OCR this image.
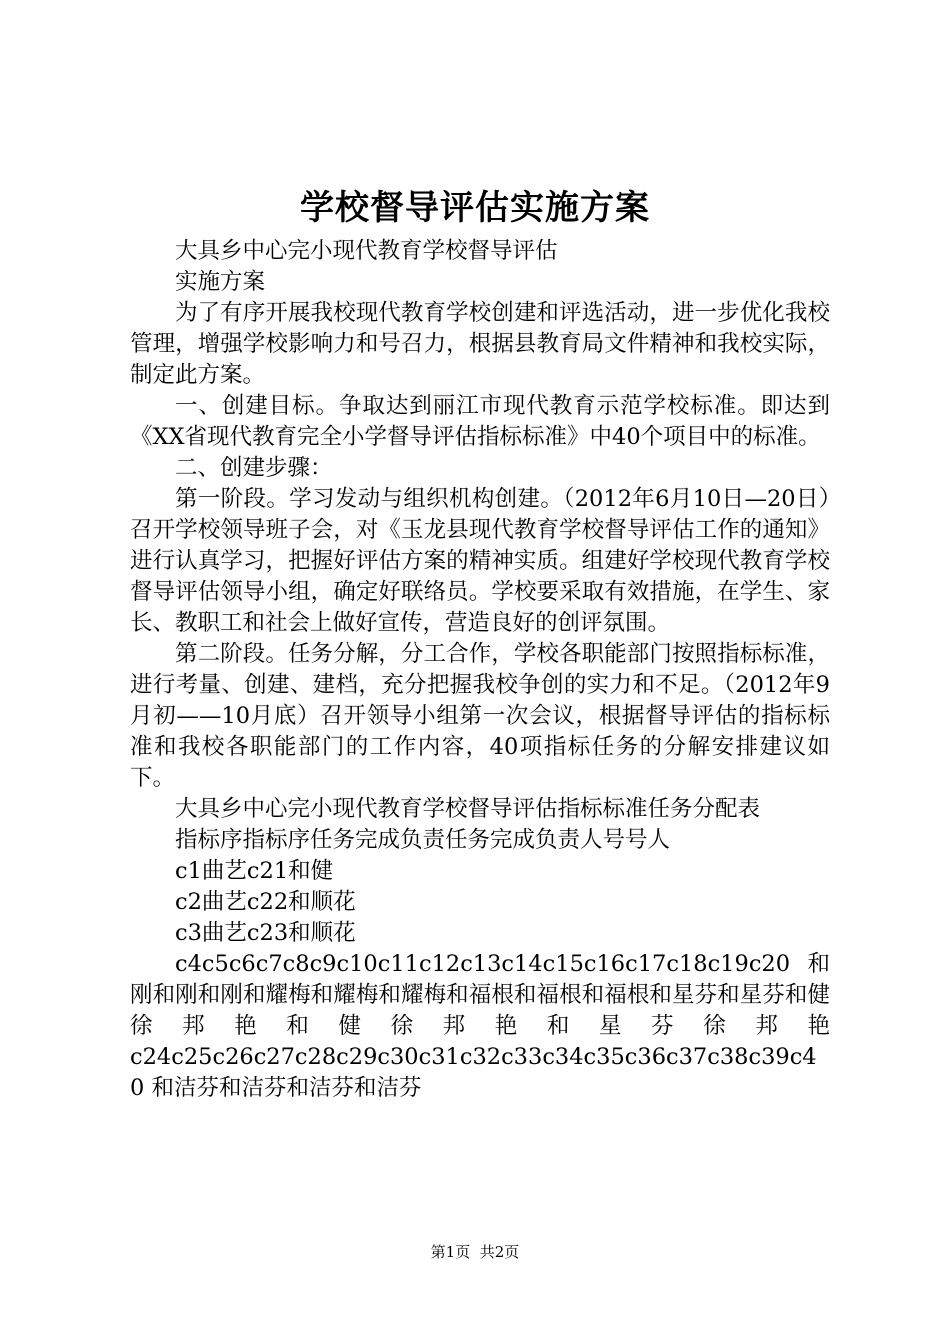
学校督导评估实施方案

大具乡中心完小现代教育学校督导评估

实施方案

为了有序开展我校现代教育学校创建和评选活动，进一步优化我校管理，增强学校影响力和号召力，根据县教育局文件精神和我校实际，制定此方案。

一、创建目标。争取达到丽江市现代教育示范学校标准。即达到《XX省现代教育完全小学督导评估指标标准》中40个项目中的标准。

二、创建步骤：

第一阶段。学习发动与组织机构创建。（2012年6月10日—20日）召开学校领导班子会，对《玉龙县现代教育学校督导评估工作的通知》进行认真学习，把握好评估方案的精神实质。组建好学校现代教育学校督导评估领导小组，确定好联络员。学校要采取有效措施，在学生、家长、教职工和社会上做好宣传，营造良好的创评氛围。

第二阶段。任务分解，分工合作，学校各职能部门按照指标标准，进行考量、创建、建档，充分把握我校争创的实力和不足。（2012年9月初——10月底）召开领导小组第一次会议，根据督导评估的指标标准和我校各职能部门的工作内容，40项指标任务的分解安排建议如下。

大具乡中心完小现代教育学校督导评估指标标准任务分配表

指标序指标序任务完成负责任务完成负责人号号人

c1曲艺c21和健

c2曲艺c22和顺花

c3曲艺c23和顺花

c4c5c6c7c8c9c10c11c12c13c14c15c16c17c18c19c20和刚和刚和刚和耀梅和耀梅和耀梅和福根和福根和福根和星芬和星芬和健徐邦艳和健徐邦艳和星芬徐邦艳

c24c25c26c27c28c29c30c31c32c33c34c35c36c37c38c39c40 和洁芬和洁芬和洁芬和洁芬

第1页 共2页
